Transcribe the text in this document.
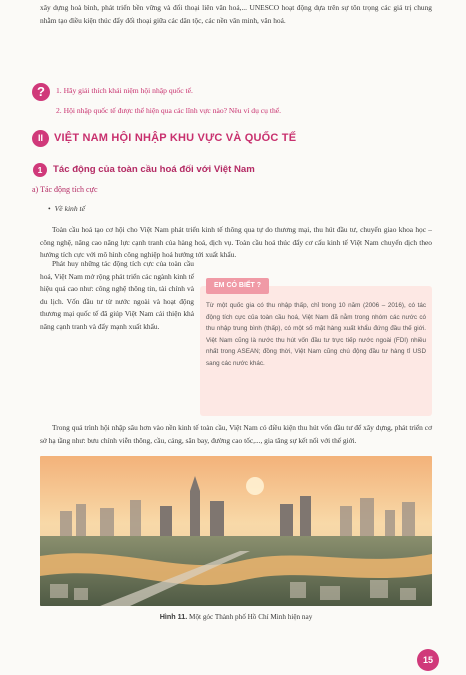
xây dựng hoà bình, phát triển bền vững và đối thoại liên văn hoá,... UNESCO hoạt động dựa trên sự tôn trọng các giá trị chung nhằm tạo điều kiện thúc đẩy đối thoại giữa các dân tộc, các nền văn minh, văn hoá.

?	1. Hãy giải thích khái niệm hội nhập quốc tế.

2. Hội nhập quốc tế được thể hiện qua các lĩnh vực nào? Nêu ví dụ cụ thể.

II	VIỆT NAM HỘI NHẬP KHU VỰC VÀ QUỐC TẾ
1	Tác động của toàn cầu hoá đối với Việt Nam

a) Tác động tích cực

• Về kinh tế

Toàn cầu hoá tạo cơ hội cho Việt Nam phát triển kinh tế thông qua tự do thương mại, thu hút đầu tư, chuyển giao khoa học – công nghệ, nâng cao năng lực cạnh tranh của hàng hoá, dịch vụ. Toàn cầu hoá thúc đẩy cơ cấu kinh tế Việt Nam chuyển dịch theo hướng tích cực với mô hình công nghiệp hoá hướng tới xuất khẩu.

Phát huy những tác động tích cực của toàn cầu hoá, Việt Nam mở rộng phát triển các ngành kinh tế hiệu quả cao như: công nghệ thông tin, tài chính và du lịch. Vốn đầu tư từ nước ngoài và hoạt động thương mại quốc tế đã giúp Việt Nam cải thiện khả năng cạnh tranh và đẩy mạnh xuất khẩu.

EM CÓ BIẾT ?

Từ một quốc gia có thu nhập thấp, chỉ trong 10 năm (2006 – 2016), có tác động tích cực của toàn cầu hoá, Việt Nam đã nằm trong nhóm các nước có thu nhập trung bình (thấp), có một số mặt hàng xuất khẩu đứng đầu thế giới. Việt Nam cũng là nước thu hút vốn đầu tư trực tiếp nước ngoài (FDI) nhiều nhất trong ASEAN; đồng thời, Việt Nam cũng chú động đầu tư hàng tỉ USD sang các nước khác.

Trong quá trình hội nhập sâu hơn vào nền kinh tế toàn cầu, Việt Nam có điều kiện thu hút vốn đầu tư để xây dựng, phát triển cơ sở hạ tầng như: bưu chính viễn thông, cầu, cảng, sân bay, đường cao tốc,..., gia tăng sự kết nối với thế giới.

Hình 11. Một góc Thành phố Hồ Chí Minh hiện nay

15
